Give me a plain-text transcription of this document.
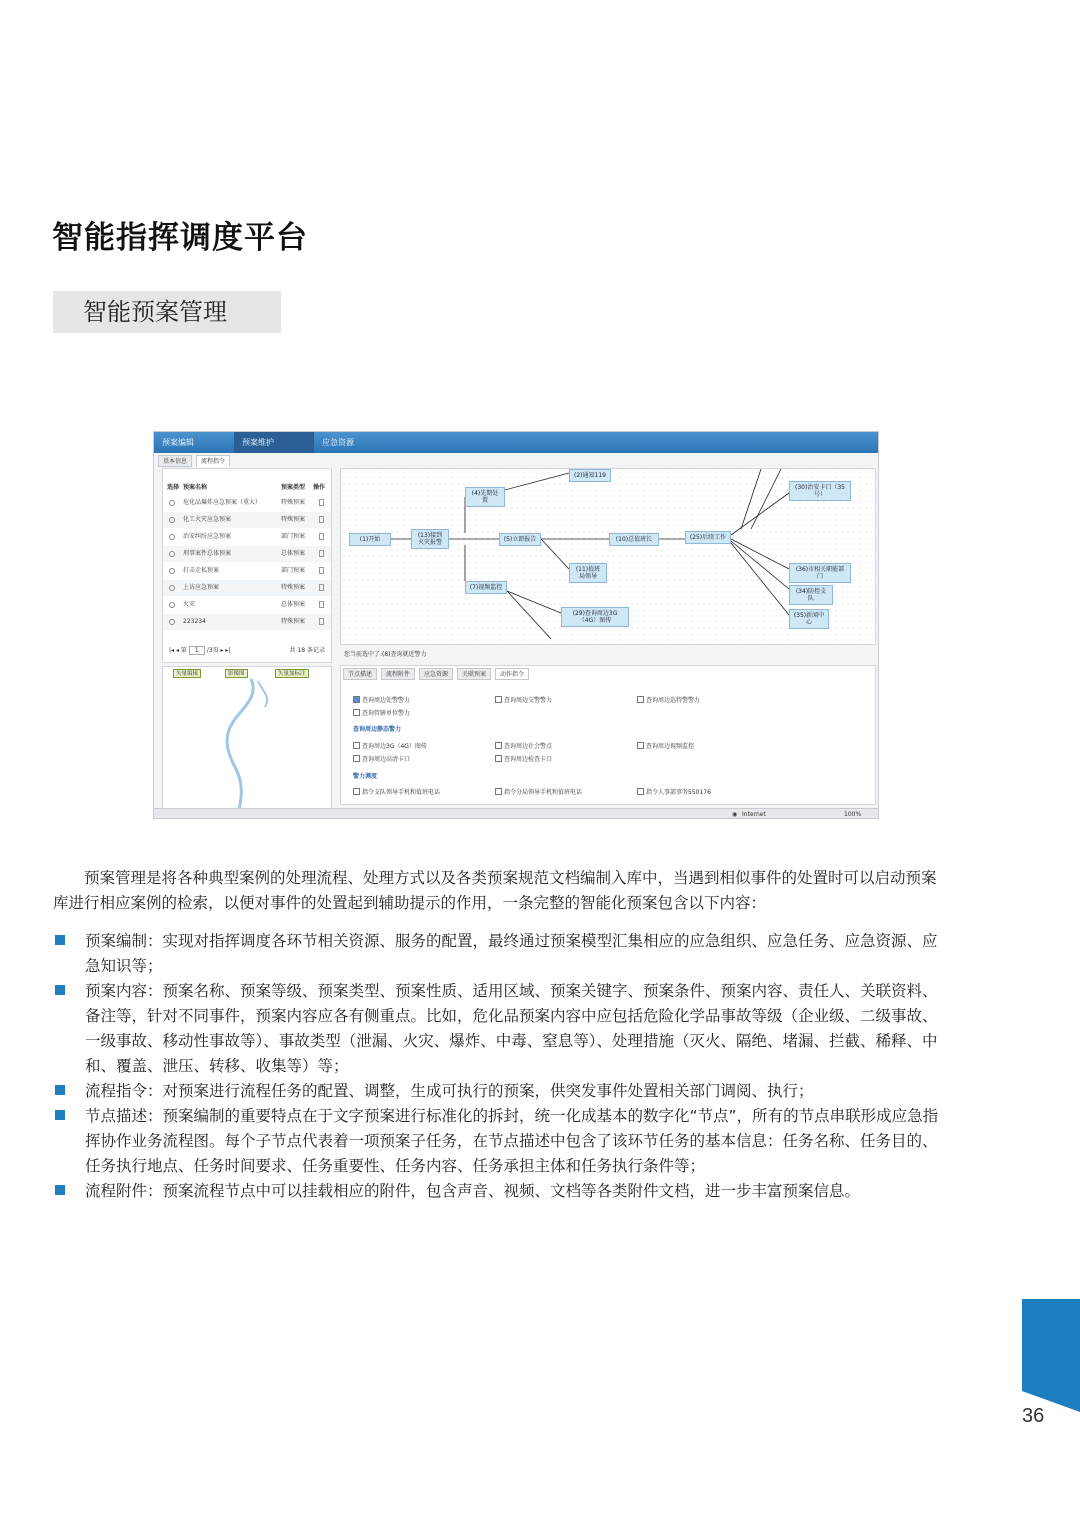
智能指挥调度平台
智能预案管理
预案编辑	预案维护	应急资源
基本信息	流程指令
选择 预案名称	预案类型 操作
危化品爆炸应急预案（重大）	特殊预案
化工火灾应急预案	特殊预案
治安纠纷应急预案	部门预案
刑事案件总体预案	总体预案
打击走私预案	部门预案
上访应急预案	特殊预案
火灾	总体预案
223234	特殊预案
|◂ ◂ 第 1 /3页 ▸ ▸|	共 18 条记录
矢量编辑	影像图	矢量加标注
(1)开始
(13)接到火灾报警
(4)先期处置
(2)通知119
(5)立即报告	(10)总值班长	(25)后续工作
(7)视频监控
(11)值班局领导
(29)查询周边3G（4G）图传
(30)治安卡口（35号）
(36)市相关职能部门
(34)防控支队
(35)新闻中心
您当前选中了:(8)查询就近警力
节点描述	流程附件	应急资源	关联预案	动作指令
查询周边处警警力	查询周边交警警力	查询周边巡特警警力
查询管辖单位警力
查询周边静态警力
查询周边3G（4G）图传	查询周边社会警点	查询周边视频监控
查询周边高清卡口	查询周边检查卡口
警力调度
指令支队领导手机和值班电话	指令分局领导手机和值班电话	指令人事部事务550176
◉ Internet	100%

预案管理是将各种典型案例的处理流程、处理方式以及各类预案规范文档编制入库中，当遇到相似事件的处置时可以启动预案库进行相应案例的检索，以便对事件的处置起到辅助提示的作用，一条完整的智能化预案包含以下内容：

预案编制：实现对指挥调度各环节相关资源、服务的配置，最终通过预案模型汇集相应的应急组织、应急任务、应急资源、应急知识等；
预案内容：预案名称、预案等级、预案类型、预案性质、适用区域、预案关键字、预案条件、预案内容、责任人、关联资料、备注等，针对不同事件，预案内容应各有侧重点。比如，危化品预案内容中应包括危险化学品事故等级（企业级、二级事故、一级事故、移动性事故等）、事故类型（泄漏、火灾、爆炸、中毒、窒息等）、处理措施（灭火、隔绝、堵漏、拦截、稀释、中和、覆盖、泄压、转移、收集等）等；
流程指令：对预案进行流程任务的配置、调整，生成可执行的预案，供突发事件处置相关部门调阅、执行；
节点描述：预案编制的重要特点在于文字预案进行标准化的拆封，统一化成基本的数字化“节点”，所有的节点串联形成应急指挥协作业务流程图。每个子节点代表着一项预案子任务，在节点描述中包含了该环节任务的基本信息：任务名称、任务目的、任务执行地点、任务时间要求、任务重要性、任务内容、任务承担主体和任务执行条件等；
流程附件：预案流程节点中可以挂载相应的附件，包含声音、视频、文档等各类附件文档，进一步丰富预案信息。
36
